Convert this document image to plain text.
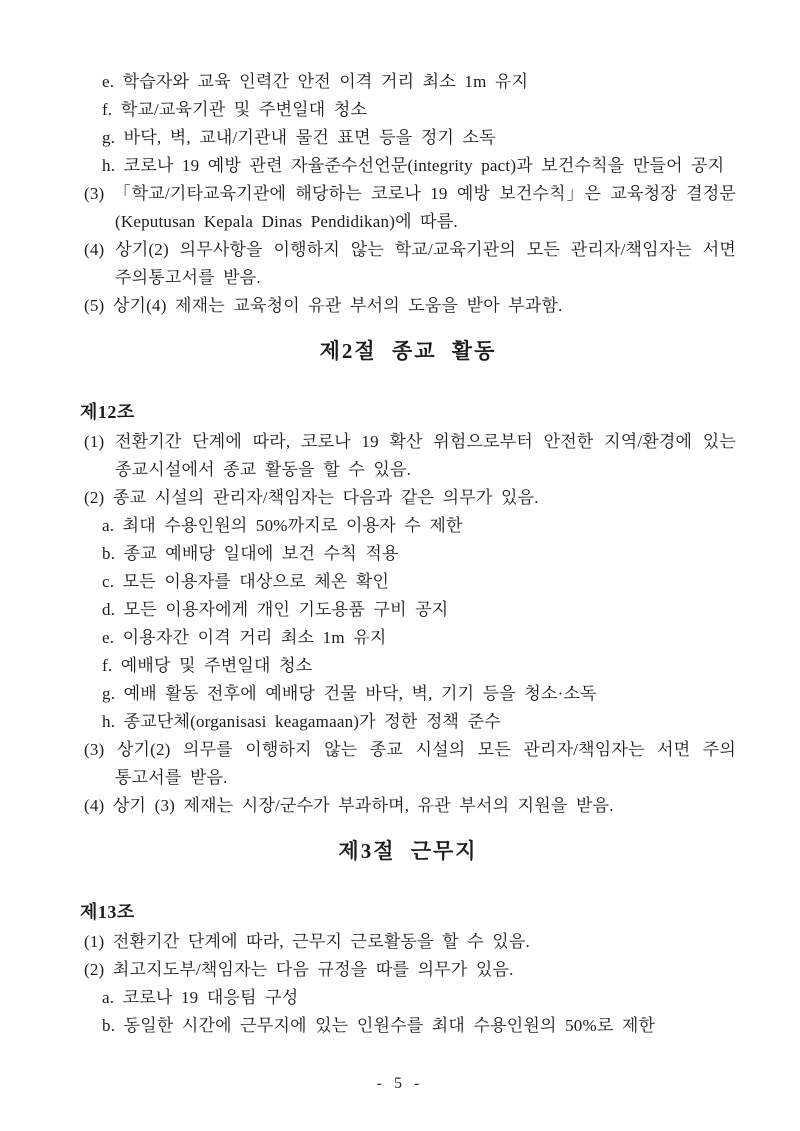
e. 학습자와 교육 인력간 안전 이격 거리 최소 1m 유지

f. 학교/교육기관 및 주변일대 청소

g. 바닥, 벽, 교내/기관내 물건 표면 등을 정기 소독

h. 코로나 19 예방 관련 자율준수선언문(integrity pact)과 보건수칙을 만들어 공지

(3) 「학교/기타교육기관에 해당하는 코로나 19 예방 보건수칙」은 교육청장 결정문 (Keputusan Kepala Dinas Pendidikan)에 따름.

(4) 상기(2) 의무사항을 이행하지 않는 학교/교육기관의 모든 관리자/책임자는 서면 주의통고서를 받음.

(5) 상기(4) 제재는 교육청이 유관 부서의 도움을 받아 부과함.

제2절 종교 활동
제12조

(1) 전환기간 단계에 따라, 코로나 19 확산 위험으로부터 안전한 지역/환경에 있는 종교시설에서 종교 활동을 할 수 있음.

(2) 종교 시설의 관리자/책임자는 다음과 같은 의무가 있음.

a. 최대 수용인원의 50%까지로 이용자 수 제한

b. 종교 예배당 일대에 보건 수칙 적용

c. 모든 이용자를 대상으로 체온 확인

d. 모든 이용자에게 개인 기도용품 구비 공지

e. 이용자간 이격 거리 최소 1m 유지

f. 예배당 및 주변일대 청소

g. 예배 활동 전후에 예배당 건물 바닥, 벽, 기기 등을 청소·소독

h. 종교단체(organisasi keagamaan)가 정한 정책 준수

(3) 상기(2) 의무를 이행하지 않는 종교 시설의 모든 관리자/책임자는 서면 주의 통고서를 받음.

(4) 상기 (3) 제재는 시장/군수가 부과하며, 유관 부서의 지원을 받음.

제3절 근무지
제13조

(1) 전환기간 단계에 따라, 근무지 근로활동을 할 수 있음.

(2) 최고지도부/책임자는 다음 규정을 따를 의무가 있음.

a. 코로나 19 대응팀 구성

b. 동일한 시간에 근무지에 있는 인원수를 최대 수용인원의 50%로 제한

- 5 -
